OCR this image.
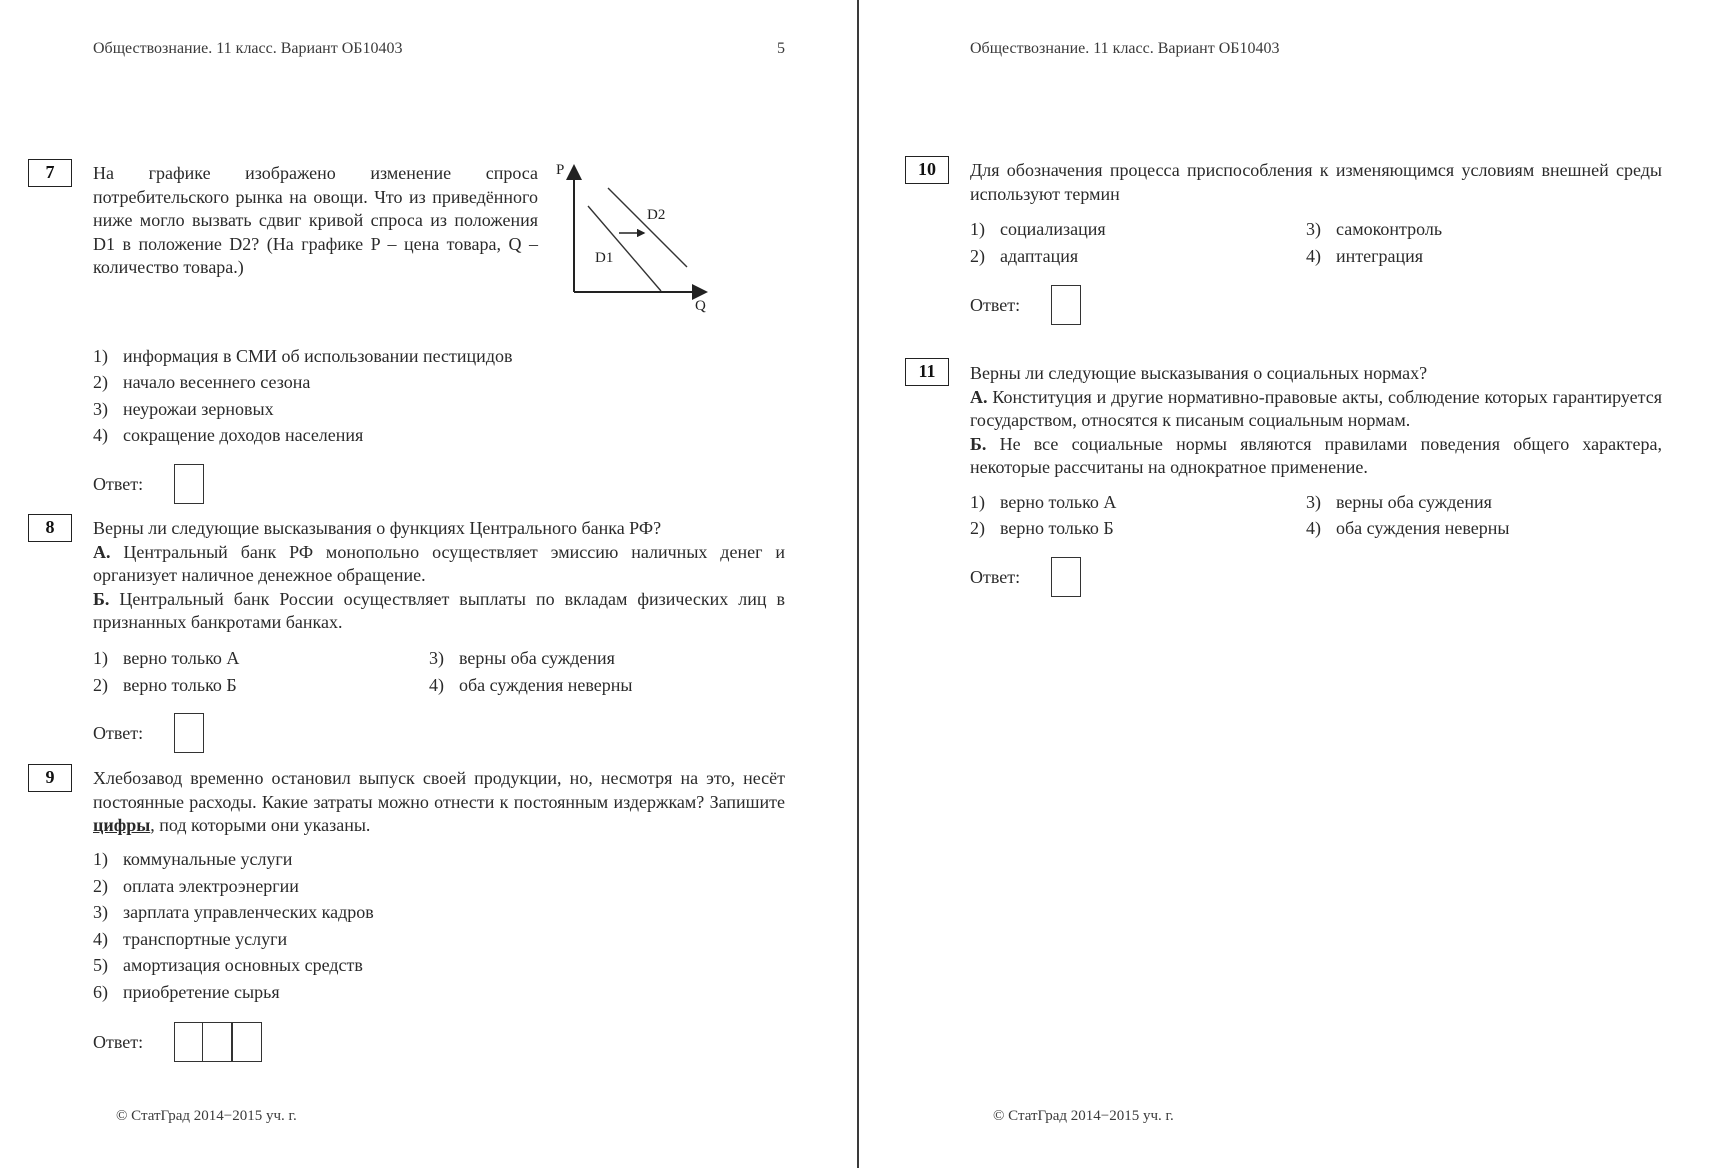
Обществознание. 11 класс. Вариант ОБ10403	5
7	На графике изображено изменение спроса потребительского рынка на овощи. Что из приведённого ниже могло вызвать сдвиг кривой спроса из положения D1 в положение D2? (На графике P – цена товара, Q – количество товара.)
P
Q
D1
D2
1) информация в СМИ об использовании пестицидов
2) начало весеннего сезона
3) неурожаи зерновых
4) сокращение доходов населения
Ответ:
8	Верны ли следующие высказывания о функциях Центрального банка РФ?

А. Центральный банк РФ монопольно осуществляет эмиссию наличных денег и организует наличное денежное обращение.

Б. Центральный банк России осуществляет выплаты по вкладам физических лиц в признанных банкротами банках.

1) верно только А
2) верно только Б
3) верны оба суждения
4) оба суждения неверны
Ответ:
9	Хлебозавод временно остановил выпуск своей продукции, но, несмотря на это, несёт постоянные расходы. Какие затраты можно отнести к постоянным издержкам? Запишите цифры, под которыми они указаны.
1) коммунальные услуги
2) оплата электроэнергии
3) зарплата управленческих кадров
4) транспортные услуги
5) амортизация основных средств
6) приобретение сырья
Ответ:
© СтатГрад 2014−2015 уч. г.
Обществознание. 11 класс. Вариант ОБ10403
10	Для обозначения процесса приспособления к изменяющимся условиям внешней среды используют термин
1) социализация
2) адаптация
3) самоконтроль
4) интеграция
Ответ:
11	Верны ли следующие высказывания о социальных нормах?

А. Конституция и другие нормативно-правовые акты, соблюдение которых гарантируется государством, относятся к писаным социальным нормам.

Б. Не все социальные нормы являются правилами поведения общего характера, некоторые рассчитаны на однократное применение.

1) верно только А
2) верно только Б
3) верны оба суждения
4) оба суждения неверны
Ответ:
© СтатГрад 2014−2015 уч. г.
